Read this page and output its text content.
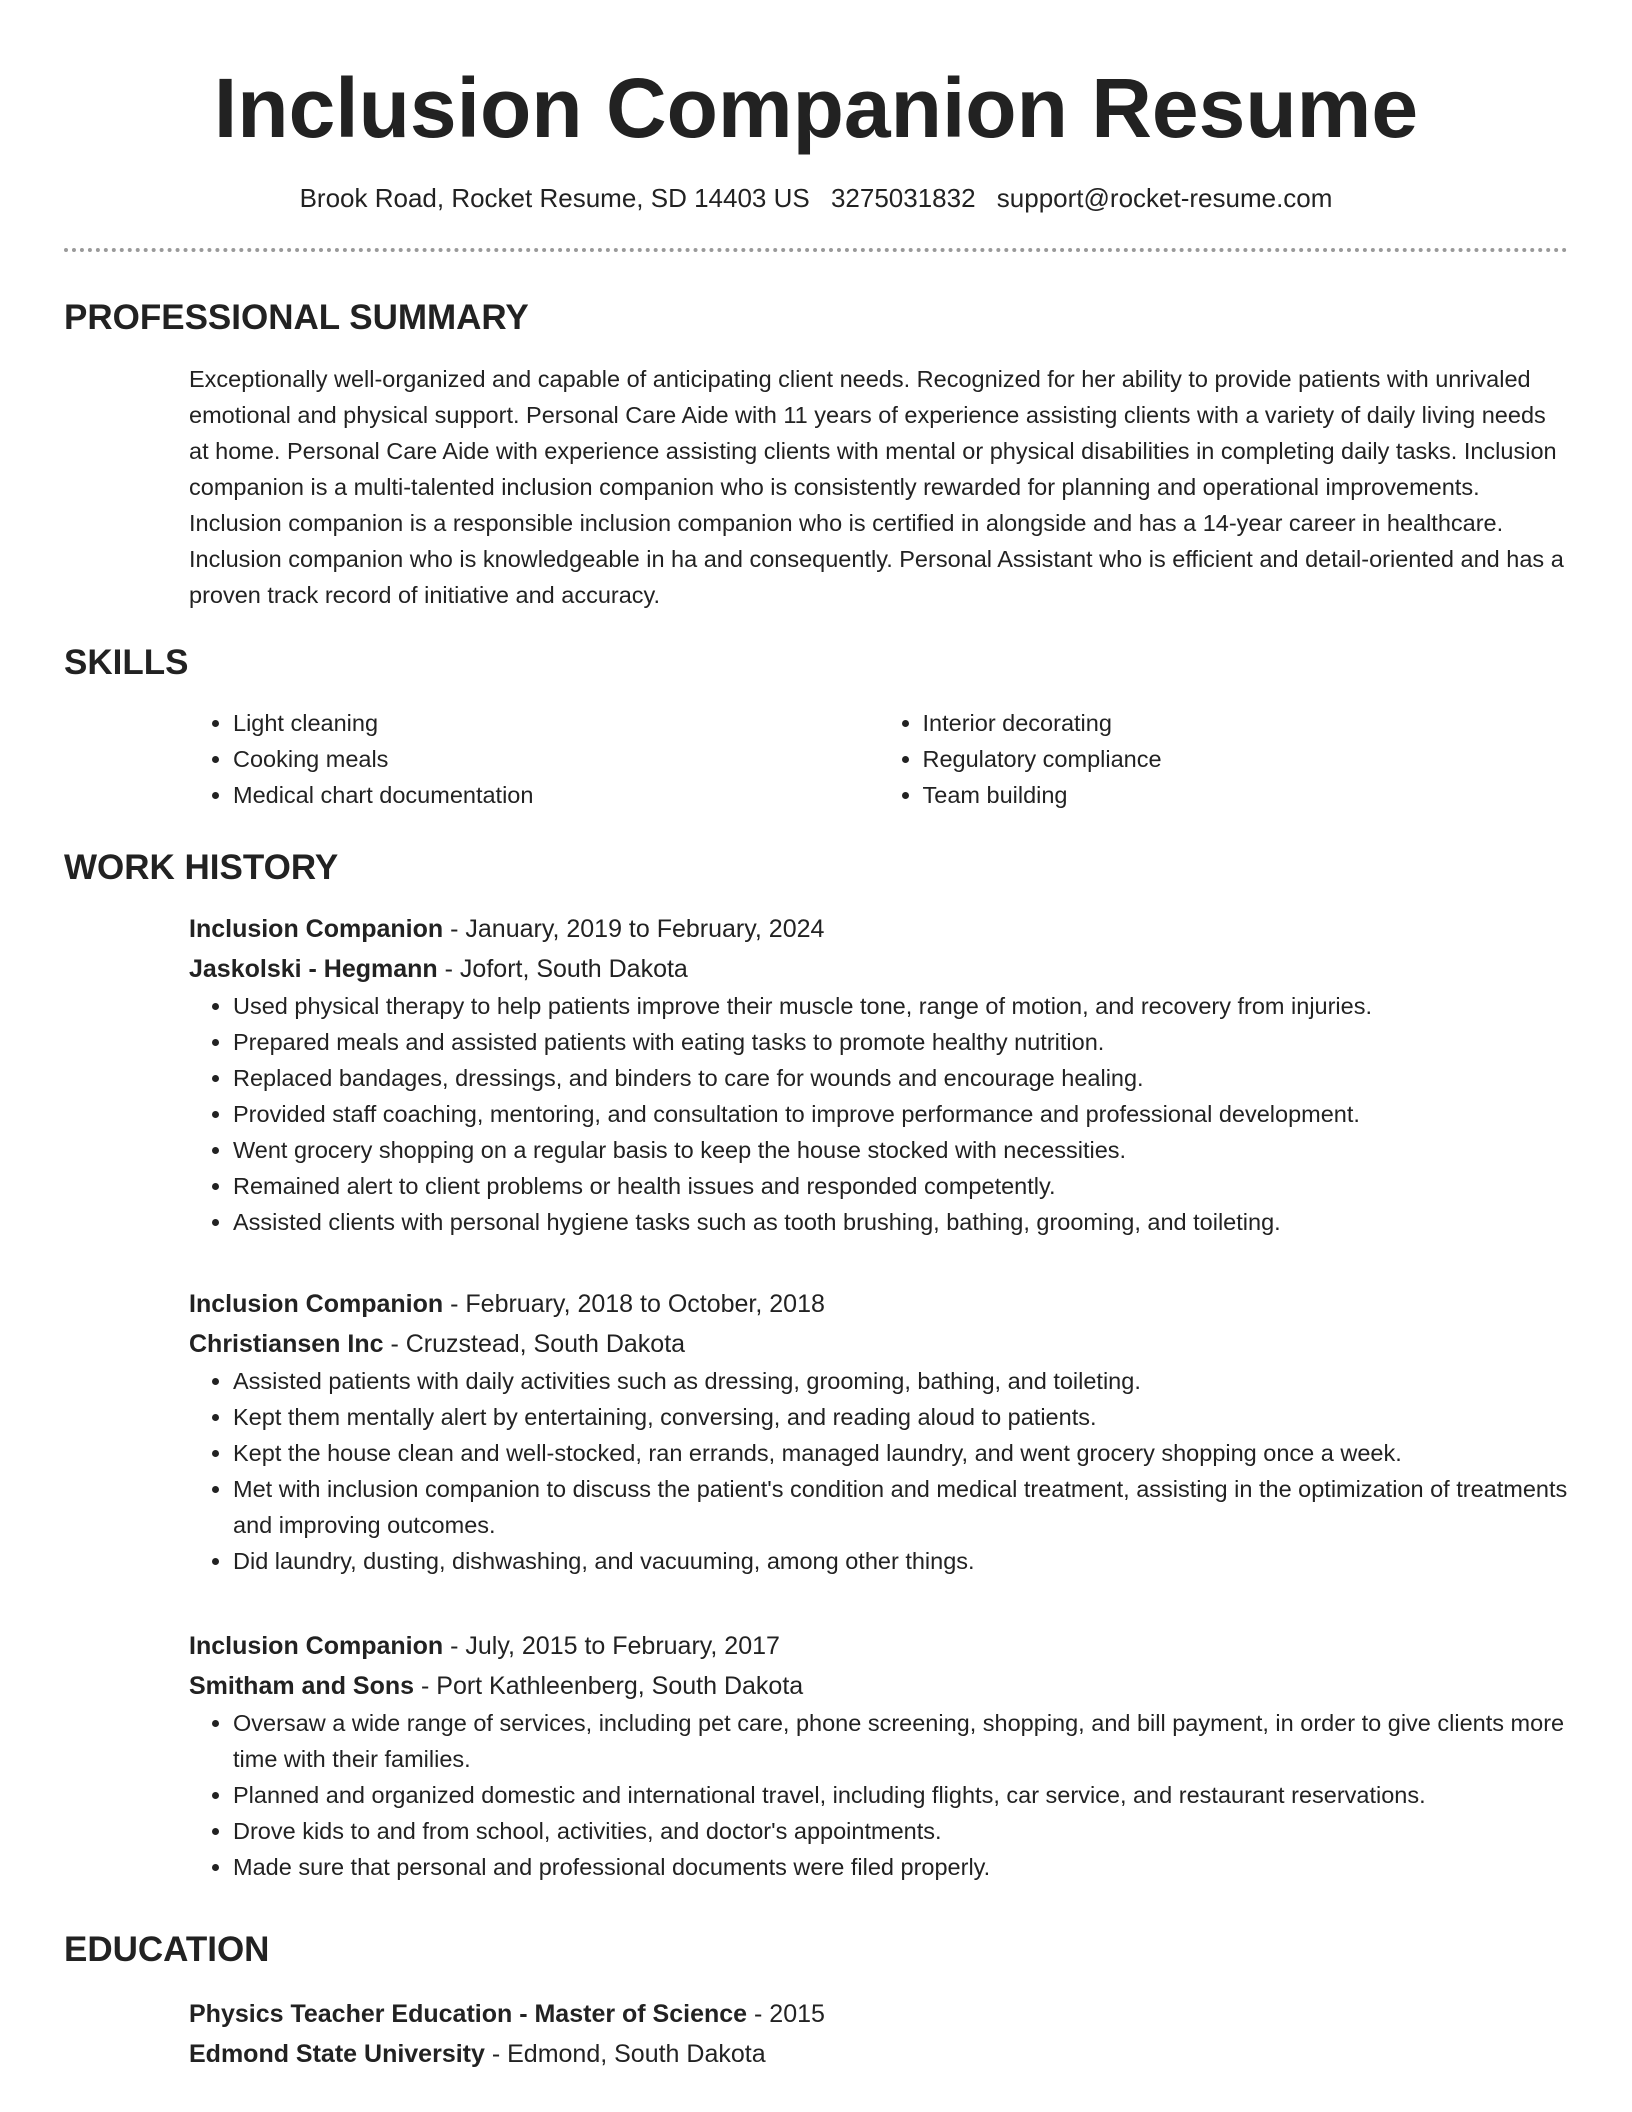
Inclusion Companion Resume
Brook Road, Rocket Resume, SD 14403 US 3275031832 support@rocket-resume.com
PROFESSIONAL SUMMARY

Exceptionally well-organized and capable of anticipating client needs. Recognized for her ability to provide patients with unrivaled emotional and physical support. Personal Care Aide with 11 years of experience assisting clients with a variety of daily living needs at home. Personal Care Aide with experience assisting clients with mental or physical disabilities in completing daily tasks. Inclusion companion is a multi-talented inclusion companion who is consistently rewarded for planning and operational improvements. Inclusion companion is a responsible inclusion companion who is certified in alongside and has a 14-year career in healthcare. Inclusion companion who is knowledgeable in ha and consequently. Personal Assistant who is efficient and detail-oriented and has a proven track record of initiative and accuracy.

SKILLS
• Light cleaning
• Cooking meals
• Medical chart documentation
• Interior decorating
• Regulatory compliance
• Team building
WORK HISTORY
Inclusion Companion - January, 2019 to February, 2024
Jaskolski - Hegmann - Jofort, South Dakota
• Used physical therapy to help patients improve their muscle tone, range of motion, and recovery from injuries.
• Prepared meals and assisted patients with eating tasks to promote healthy nutrition.
• Replaced bandages, dressings, and binders to care for wounds and encourage healing.
• Provided staff coaching, mentoring, and consultation to improve performance and professional development.
• Went grocery shopping on a regular basis to keep the house stocked with necessities.
• Remained alert to client problems or health issues and responded competently.
• Assisted clients with personal hygiene tasks such as tooth brushing, bathing, grooming, and toileting.
Inclusion Companion - February, 2018 to October, 2018
Christiansen Inc - Cruzstead, South Dakota
• Assisted patients with daily activities such as dressing, grooming, bathing, and toileting.
• Kept them mentally alert by entertaining, conversing, and reading aloud to patients.
• Kept the house clean and well-stocked, ran errands, managed laundry, and went grocery shopping once a week.
• Met with inclusion companion to discuss the patient's condition and medical treatment, assisting in the optimization of treatments and improving outcomes.
• Did laundry, dusting, dishwashing, and vacuuming, among other things.
Inclusion Companion - July, 2015 to February, 2017
Smitham and Sons - Port Kathleenberg, South Dakota
• Oversaw a wide range of services, including pet care, phone screening, shopping, and bill payment, in order to give clients more time with their families.
• Planned and organized domestic and international travel, including flights, car service, and restaurant reservations.
• Drove kids to and from school, activities, and doctor's appointments.
• Made sure that personal and professional documents were filed properly.
EDUCATION
Physics Teacher Education - Master of Science - 2015
Edmond State University - Edmond, South Dakota
